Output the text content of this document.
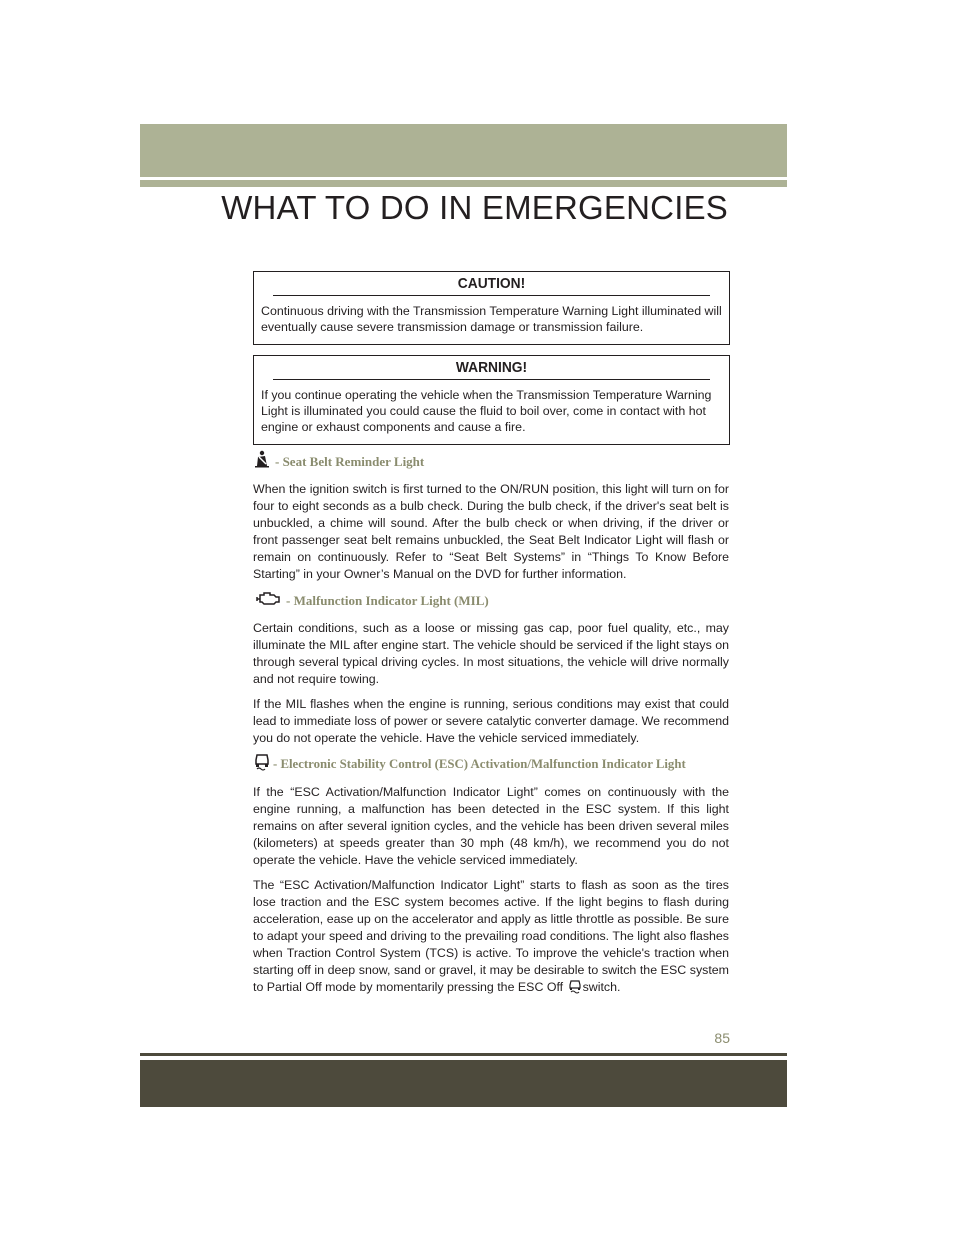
WHAT TO DO IN EMERGENCIES
CAUTION!
Continuous driving with the Transmission Temperature Warning Light illuminated will eventually cause severe transmission damage or transmission failure.
WARNING!
If you continue operating the vehicle when the Transmission Temperature Warning Light is illuminated you could cause the fluid to boil over, come in contact with hot engine or exhaust components and cause a fire.
- Seat Belt Reminder Light

When the ignition switch is first turned to the ON/RUN position, this light will turn on for four to eight seconds as a bulb check. During the bulb check, if the driver's seat belt is unbuckled, a chime will sound. After the bulb check or when driving, if the driver or front passenger seat belt remains unbuckled, the Seat Belt Indicator Light will flash or remain on continuously. Refer to “Seat Belt Systems” in “Things To Know Before Starting” in your Owner’s Manual on the DVD for further information.

- Malfunction Indicator Light (MIL)

Certain conditions, such as a loose or missing gas cap, poor fuel quality, etc., may illuminate the MIL after engine start. The vehicle should be serviced if the light stays on through several typical driving cycles. In most situations, the vehicle will drive normally and not require towing.

If the MIL flashes when the engine is running, serious conditions may exist that could lead to immediate loss of power or severe catalytic converter damage. We recommend you do not operate the vehicle. Have the vehicle serviced immediately.

- Electronic Stability Control (ESC) Activation/Malfunction Indicator Light

If the “ESC Activation/Malfunction Indicator Light” comes on continuously with the engine running, a malfunction has been detected in the ESC system. If this light remains on after several ignition cycles, and the vehicle has been driven several miles (kilometers) at speeds greater than 30 mph (48 km/h), we recommend you do not operate the vehicle. Have the vehicle serviced immediately.

The “ESC Activation/Malfunction Indicator Light” starts to flash as soon as the tires lose traction and the ESC system becomes active. If the light begins to flash during acceleration, ease up on the accelerator and apply as little throttle as possible. Be sure to adapt your speed and driving to the prevailing road conditions. The light also flashes when Traction Control System (TCS) is active. To improve the vehicle's traction when starting off in deep snow, sand or gravel, it may be desirable to switch the ESC system to Partial Off mode by momentarily pressing the ESC Off switch.

85
